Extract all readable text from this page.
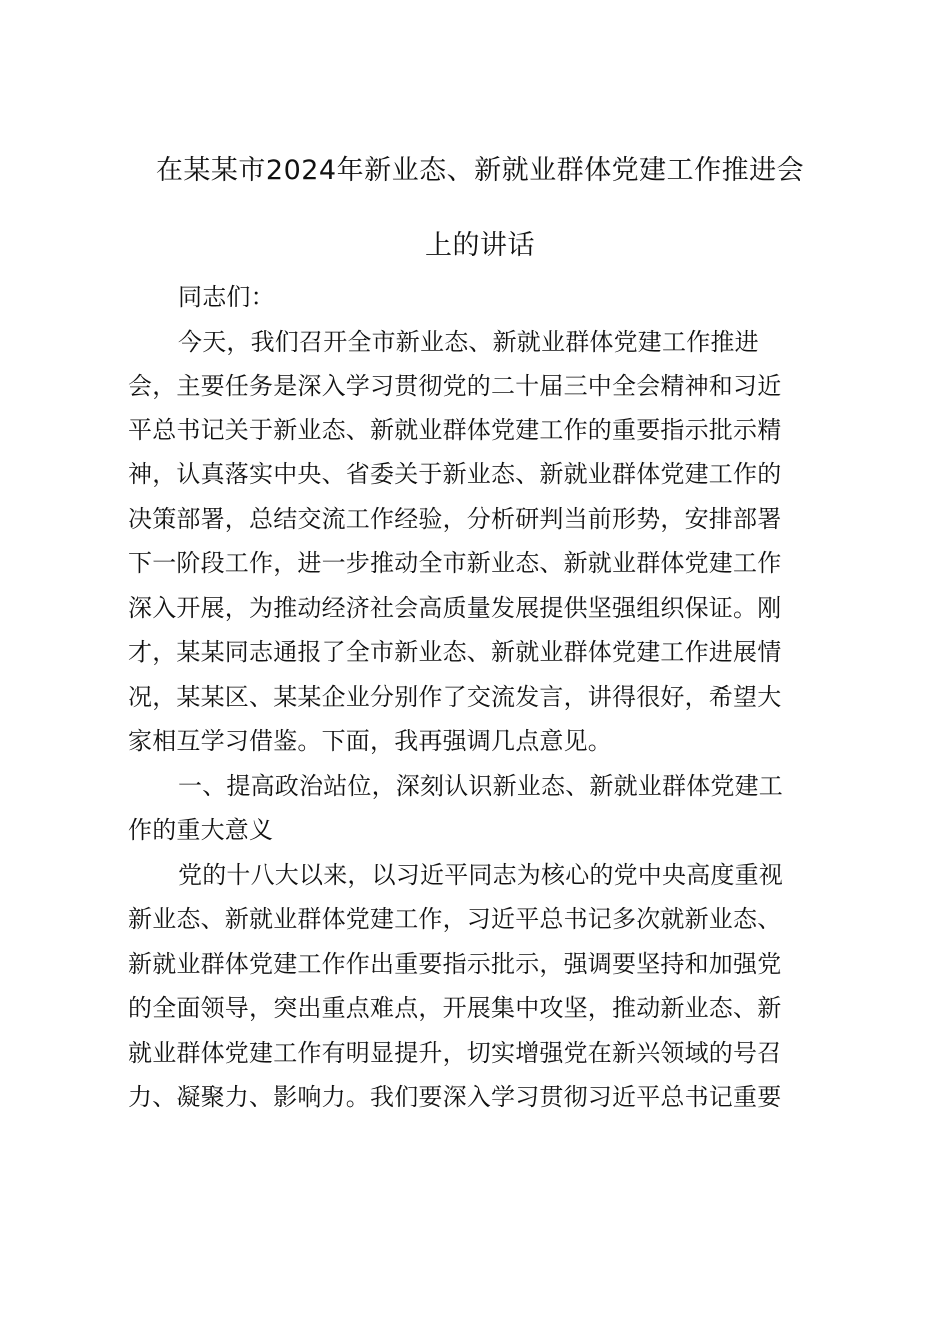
在某某市2024年新业态、新就业群体党建工作推进会
上的讲话

同志们：

今天，我们召开全市新业态、新就业群体党建工作推进

会，主要任务是深入学习贯彻党的二十届三中全会精神和习近

平总书记关于新业态、新就业群体党建工作的重要指示批示精

神，认真落实中央、省委关于新业态、新就业群体党建工作的

决策部署，总结交流工作经验，分析研判当前形势，安排部署

下一阶段工作，进一步推动全市新业态、新就业群体党建工作

深入开展，为推动经济社会高质量发展提供坚强组织保证。刚

才，某某同志通报了全市新业态、新就业群体党建工作进展情

况，某某区、某某企业分别作了交流发言，讲得很好，希望大

家相互学习借鉴。下面，我再强调几点意见。

一、提高政治站位，深刻认识新业态、新就业群体党建工

作的重大意义

党的十八大以来，以习近平同志为核心的党中央高度重视

新业态、新就业群体党建工作，习近平总书记多次就新业态、

新就业群体党建工作作出重要指示批示，强调要坚持和加强党

的全面领导，突出重点难点，开展集中攻坚，推动新业态、新

就业群体党建工作有明显提升，切实增强党在新兴领域的号召

力、凝聚力、影响力。我们要深入学习贯彻习近平总书记重要
